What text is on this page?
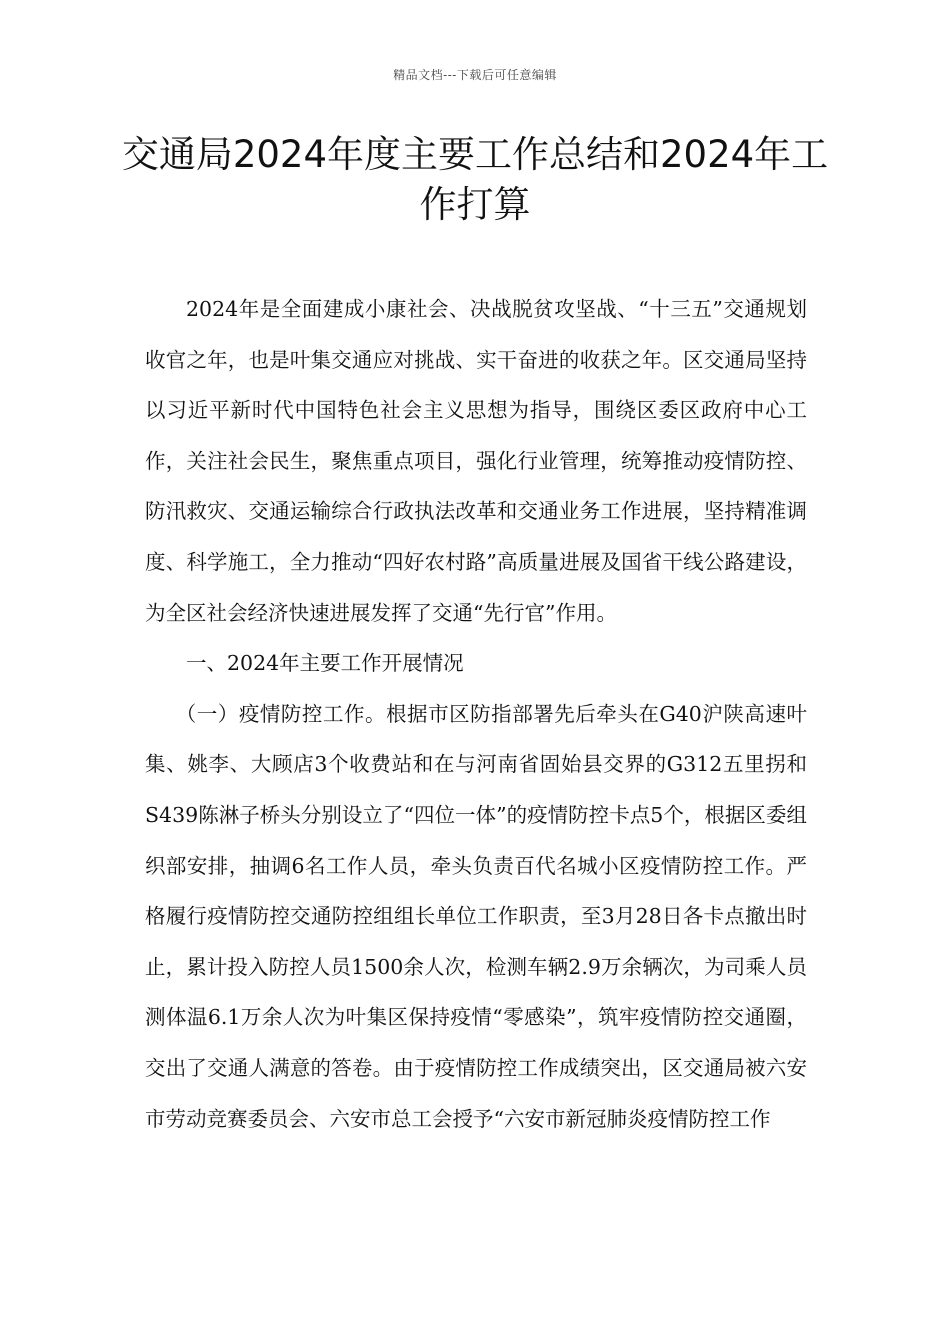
精品文档---下载后可任意编辑
交通局2024年度主要工作总结和2024年工作打算

2024年是全面建成小康社会、决战脱贫攻坚战、“十三五”交通规划收官之年，也是叶集交通应对挑战、实干奋进的收获之年。区交通局坚持以习近平新时代中国特色社会主义思想为指导，围绕区委区政府中心工作，关注社会民生，聚焦重点项目，强化行业管理，统筹推动疫情防控、防汛救灾、交通运输综合行政执法改革和交通业务工作进展，坚持精准调度、科学施工，全力推动“四好农村路”高质量进展及国省干线公路建设，为全区社会经济快速进展发挥了交通“先行官”作用。

一、2024年主要工作开展情况

（一）疫情防控工作。根据市区防指部署先后牵头在G40沪陕高速叶集、姚李、大顾店3个收费站和在与河南省固始县交界的G312五里拐和S439陈淋子桥头分别设立了“四位一体”的疫情防控卡点5个，根据区委组织部安排，抽调6名工作人员，牵头负责百代名城小区疫情防控工作。严格履行疫情防控交通防控组组长单位工作职责，至3月28日各卡点撤出时止，累计投入防控人员1500余人次，检测车辆2.9万余辆次，为司乘人员测体温6.1万余人次为叶集区保持疫情“零感染”，筑牢疫情防控交通圈，交出了交通人满意的答卷。由于疫情防控工作成绩突出，区交通局被六安市劳动竞赛委员会、六安市总工会授予“六安市新冠肺炎疫情防控工作
